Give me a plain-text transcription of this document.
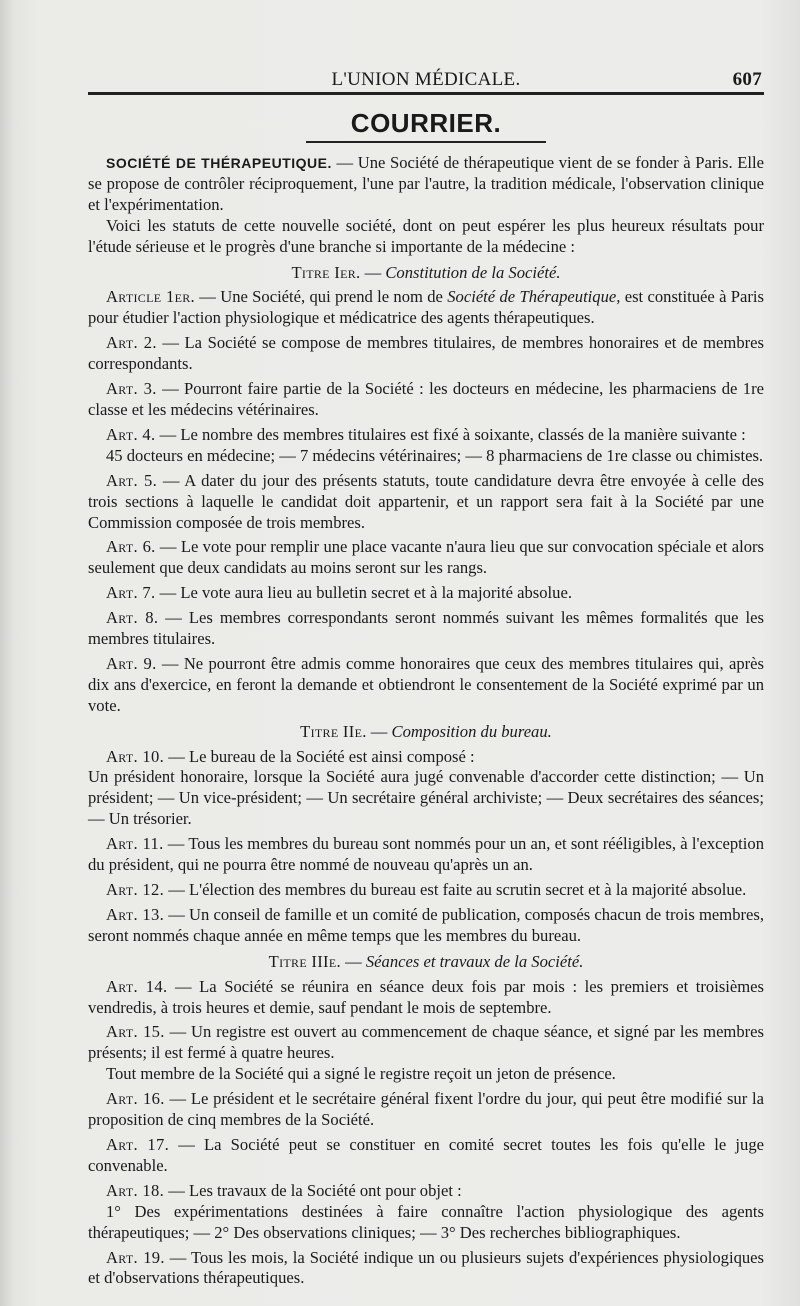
L'UNION MÉDICALE.	607
COURRIER.

SOCIÉTÉ DE THÉRAPEUTIQUE. — Une Société de thérapeutique vient de se fonder à Paris. Elle se propose de contrôler réciproquement, l'une par l'autre, la tradition médicale, l'observation clinique et l'expérimentation.

Voici les statuts de cette nouvelle société, dont on peut espérer les plus heureux résultats pour l'étude sérieuse et le progrès d'une branche si importante de la médecine :

Titre Ier. — Constitution de la Société.

Article 1er. — Une Société, qui prend le nom de Société de Thérapeutique, est constituée à Paris pour étudier l'action physiologique et médicatrice des agents thérapeutiques.

Art. 2. — La Société se compose de membres titulaires, de membres honoraires et de membres correspondants.

Art. 3. — Pourront faire partie de la Société : les docteurs en médecine, les pharmaciens de 1re classe et les médecins vétérinaires.

Art. 4. — Le nombre des membres titulaires est fixé à soixante, classés de la manière suivante :

45 docteurs en médecine; — 7 médecins vétérinaires; — 8 pharmaciens de 1re classe ou chimistes.

Art. 5. — A dater du jour des présents statuts, toute candidature devra être envoyée à celle des trois sections à laquelle le candidat doit appartenir, et un rapport sera fait à la Société par une Commission composée de trois membres.

Art. 6. — Le vote pour remplir une place vacante n'aura lieu que sur convocation spéciale et alors seulement que deux candidats au moins seront sur les rangs.

Art. 7. — Le vote aura lieu au bulletin secret et à la majorité absolue.

Art. 8. — Les membres correspondants seront nommés suivant les mêmes formalités que les membres titulaires.

Art. 9. — Ne pourront être admis comme honoraires que ceux des membres titulaires qui, après dix ans d'exercice, en feront la demande et obtiendront le consentement de la Société exprimé par un vote.

Titre IIe. — Composition du bureau.

Art. 10. — Le bureau de la Société est ainsi composé :

Un président honoraire, lorsque la Société aura jugé convenable d'accorder cette distinction; — Un président; — Un vice-président; — Un secrétaire général archiviste; — Deux secrétaires des séances; — Un trésorier.

Art. 11. — Tous les membres du bureau sont nommés pour un an, et sont rééligibles, à l'exception du président, qui ne pourra être nommé de nouveau qu'après un an.

Art. 12. — L'élection des membres du bureau est faite au scrutin secret et à la majorité absolue.

Art. 13. — Un conseil de famille et un comité de publication, composés chacun de trois membres, seront nommés chaque année en même temps que les membres du bureau.

Titre IIIe. — Séances et travaux de la Société.

Art. 14. — La Société se réunira en séance deux fois par mois : les premiers et troisièmes vendredis, à trois heures et demie, sauf pendant le mois de septembre.

Art. 15. — Un registre est ouvert au commencement de chaque séance, et signé par les membres présents; il est fermé à quatre heures.

Tout membre de la Société qui a signé le registre reçoit un jeton de présence.

Art. 16. — Le président et le secrétaire général fixent l'ordre du jour, qui peut être modifié sur la proposition de cinq membres de la Société.

Art. 17. — La Société peut se constituer en comité secret toutes les fois qu'elle le juge convenable.

Art. 18. — Les travaux de la Société ont pour objet :

1° Des expérimentations destinées à faire connaître l'action physiologique des agents thérapeutiques; — 2° Des observations cliniques; — 3° Des recherches bibliographiques.

Art. 19. — Tous les mois, la Société indique un ou plusieurs sujets d'expériences physiologiques et d'observations thérapeutiques.
